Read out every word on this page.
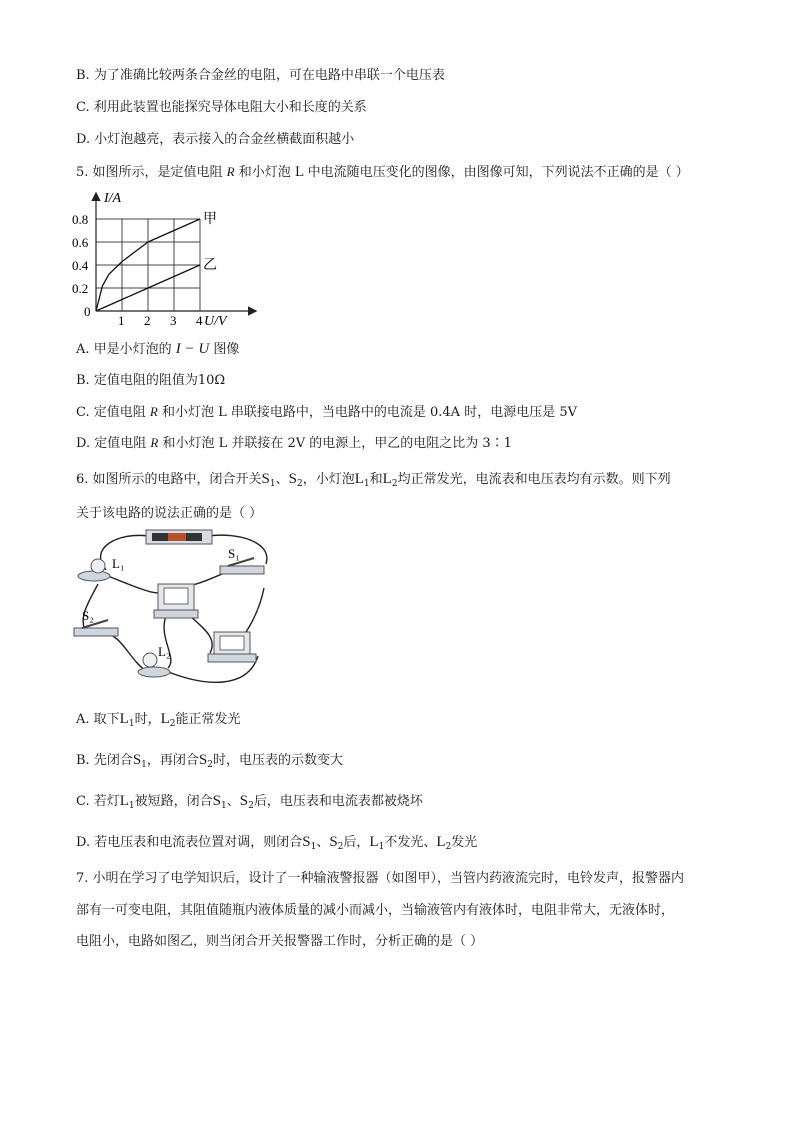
B. 为了准确比较两条合金丝的电阻，可在电路中串联一个电压表
C. 利用此装置也能探究导体电阻大小和长度的关系
D. 小灯泡越亮，表示接入的合金丝横截面积越小
5. 如图所示，是定值电阻 R 和小灯泡 L 中电流随电压变化的图像，由图像可知，下列说法不正确的是（ ）
甲
乙
1 2 3 4
0.2
0.4
0.6
0.8
I/A
U/V
0
A. 甲是小灯泡的 I − U 图像
B. 定值电阻的阻值为10Ω
C. 定值电阻 R 和小灯泡 L 串联接电路中，当电路中的电流是 0.4A 时，电源电压是 5V
D. 定值电阻 R 和小灯泡 L 并联接在 2V 的电源上，甲乙的电阻之比为 3∶1
6. 如图所示的电路中，闭合开关$S_1$、$S_2$，小灯泡$L_1$和$L_2$均正常发光，电流表和电压表均有示数。则下列
关于该电路的说法正确的是（ ）
L₁
S₁
S₂
L₂
A. 取下$L_1$时，$L_2$能正常发光
B. 先闭合$S_1$，再闭合$S_2$时，电压表的示数变大
C. 若灯$L_1$被短路，闭合$S_1$、$S_2$后，电压表和电流表都被烧坏
D. 若电压表和电流表位置对调，则闭合$S_1$、$S_2$后，$L_1$不发光、$L_2$发光
7. 小明在学习了电学知识后，设计了一种输液警报器（如图甲），当管内药液流完时，电铃发声，报警器内
部有一可变电阻，其阻值随瓶内液体质量的减小而减小，当输液管内有液体时，电阻非常大，无液体时，
电阻小，电路如图乙，则当闭合开关报警器工作时，分析正确的是（ ）
